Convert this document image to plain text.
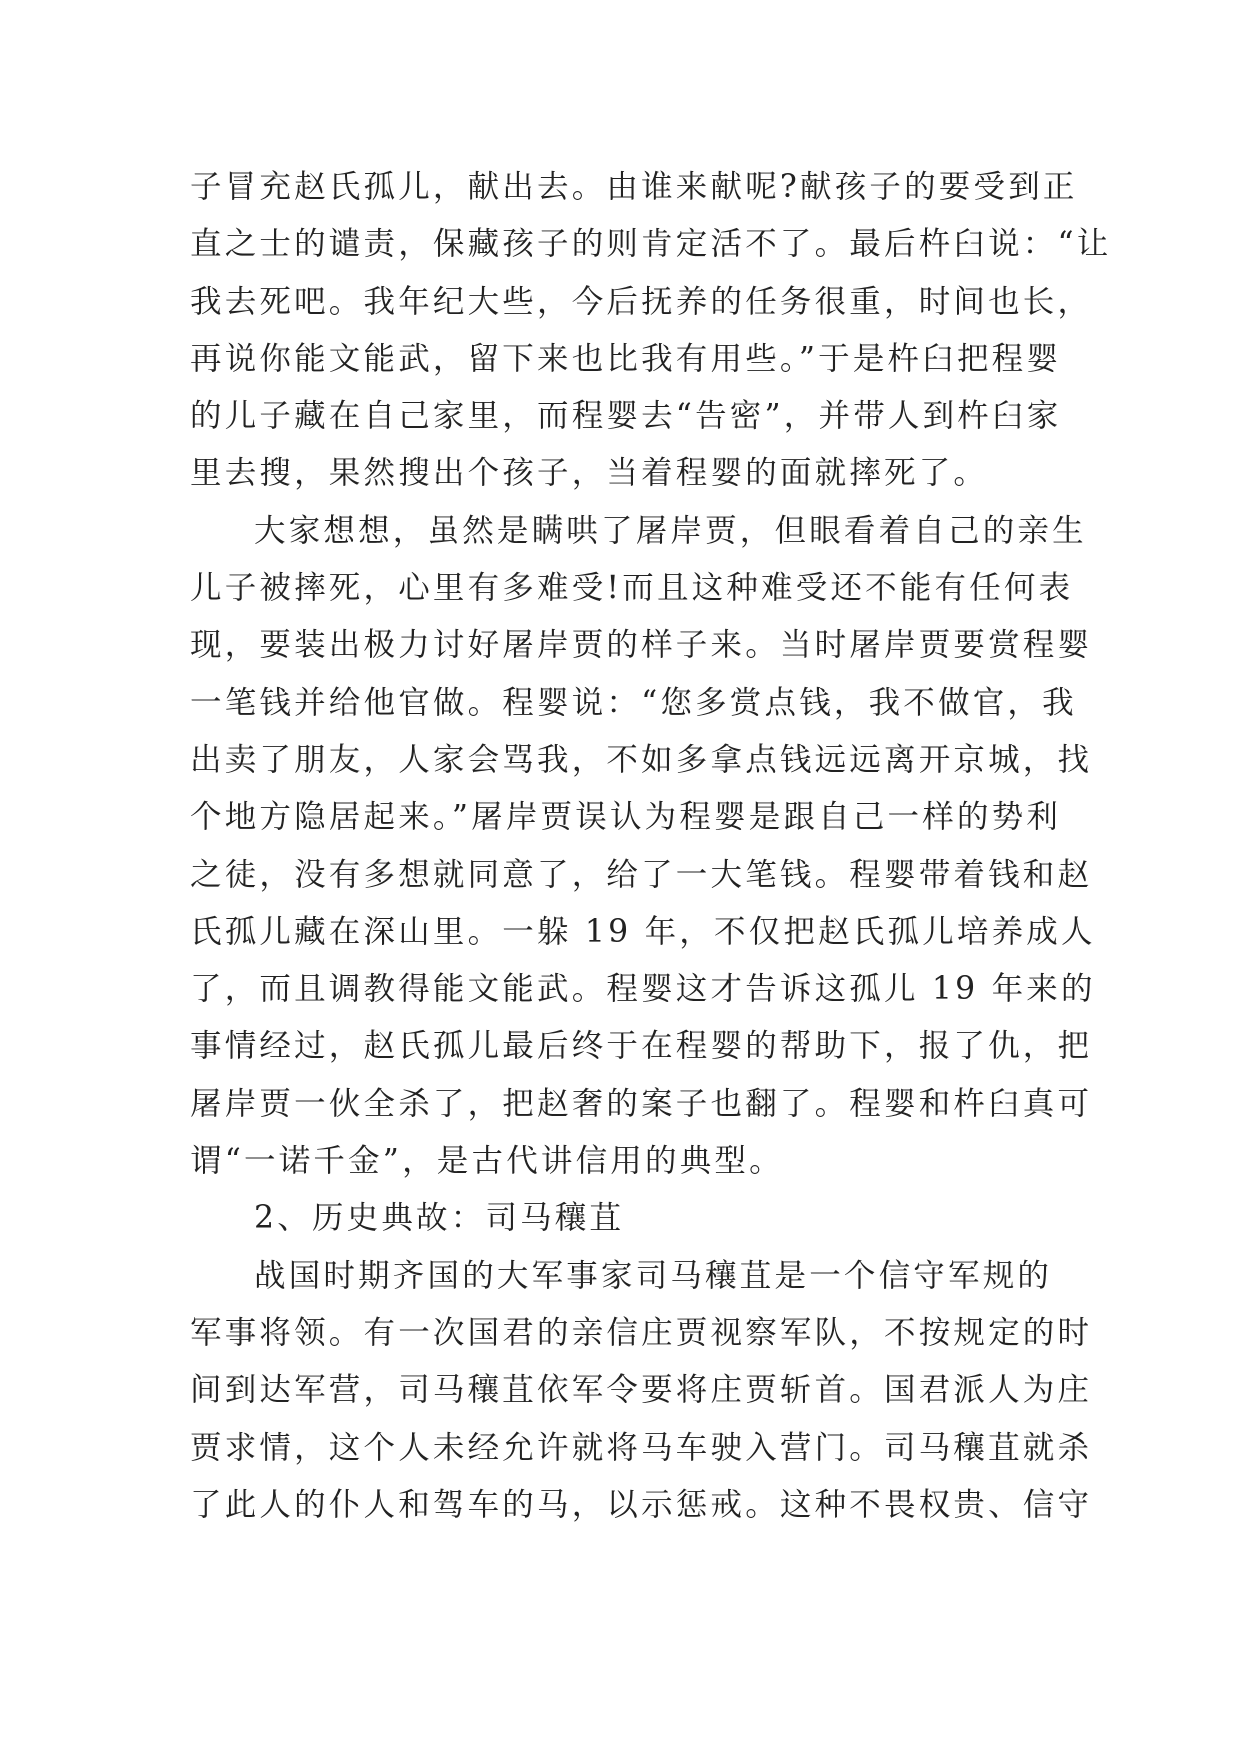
子冒充赵氏孤儿，献出去。由谁来献呢?献孩子的要受到正
直之士的谴责，保藏孩子的则肯定活不了。最后杵臼说：“让
我去死吧。我年纪大些，今后抚养的任务很重，时间也长，
再说你能文能武，留下来也比我有用些。”于是杵臼把程婴
的儿子藏在自己家里，而程婴去“告密”，并带人到杵臼家
里去搜，果然搜出个孩子，当着程婴的面就摔死了。
大家想想，虽然是瞒哄了屠岸贾，但眼看着自己的亲生
儿子被摔死，心里有多难受!而且这种难受还不能有任何表
现，要装出极力讨好屠岸贾的样子来。当时屠岸贾要赏程婴
一笔钱并给他官做。程婴说：“您多赏点钱，我不做官，我
出卖了朋友，人家会骂我，不如多拿点钱远远离开京城，找
个地方隐居起来。”屠岸贾误认为程婴是跟自己一样的势利
之徒，没有多想就同意了，给了一大笔钱。程婴带着钱和赵
氏孤儿藏在深山里。一躲 19 年，不仅把赵氏孤儿培养成人
了，而且调教得能文能武。程婴这才告诉这孤儿 19 年来的
事情经过，赵氏孤儿最后终于在程婴的帮助下，报了仇，把
屠岸贾一伙全杀了，把赵奢的案子也翻了。程婴和杵臼真可
谓“一诺千金”，是古代讲信用的典型。
2、历史典故：司马穰苴
战国时期齐国的大军事家司马穰苴是一个信守军规的
军事将领。有一次国君的亲信庄贾视察军队，不按规定的时
间到达军营，司马穰苴依军令要将庄贾斩首。国君派人为庄
贾求情，这个人未经允许就将马车驶入营门。司马穰苴就杀
了此人的仆人和驾车的马，以示惩戒。这种不畏权贵、信守
